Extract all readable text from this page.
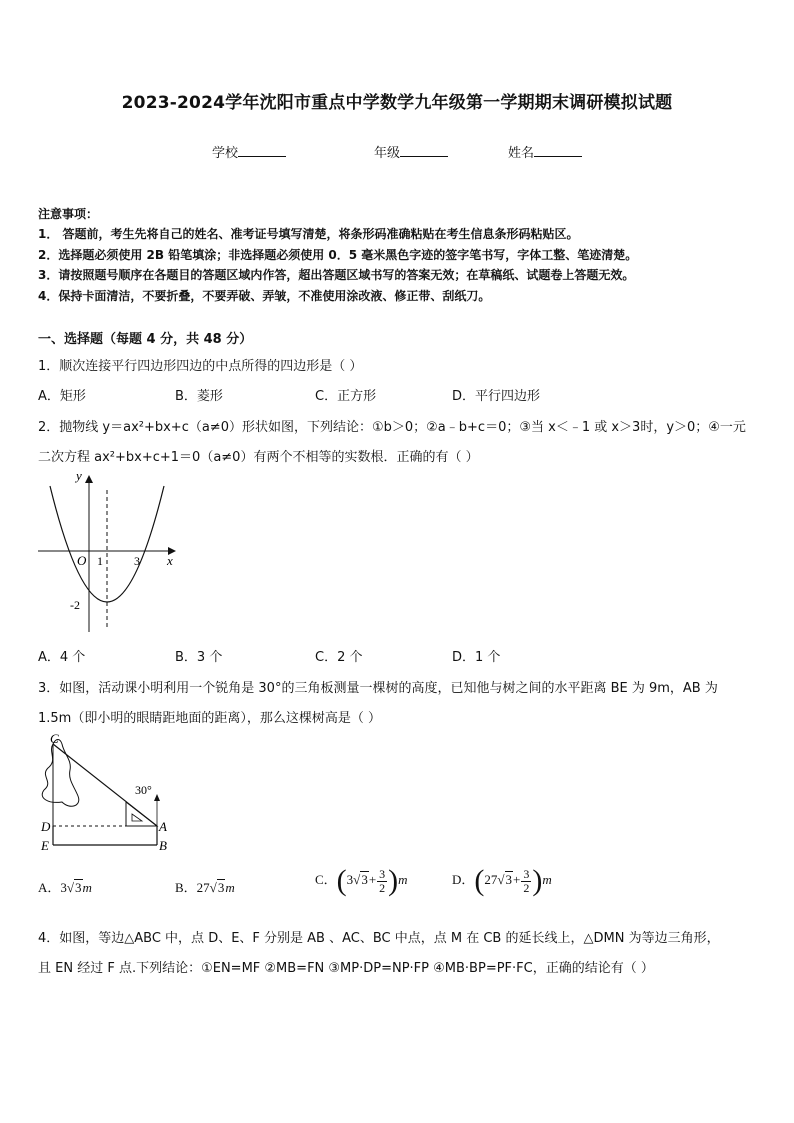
2023-2024学年沈阳市重点中学数学九年级第一学期期末调研模拟试题
学校	年级	姓名
注意事项：
1． 答题前，考生先将自己的姓名、准考证号填写清楚，将条形码准确粘贴在考生信息条形码粘贴区。
2．选择题必须使用 2B 铅笔填涂；非选择题必须使用 0．5 毫米黑色字迹的签字笔书写，字体工整、笔迹清楚。
3．请按照题号顺序在各题目的答题区域内作答，超出答题区域书写的答案无效；在草稿纸、试题卷上答题无效。
4．保持卡面清洁，不要折叠，不要弄破、弄皱，不准使用涂改液、修正带、刮纸刀。
一、选择题（每题 4 分，共 48 分）
1．顺次连接平行四边形四边的中点所得的四边形是（ ）
A．矩形	B．菱形	C．正方形	D．平行四边形
2．抛物线 y＝ax²+bx+c（a≠0）形状如图，下列结论：①b＞0；②a﹣b+c＝0；③当 x＜﹣1 或 x＞3时，y＞0；④一元
二次方程 ax²+bx+c+1＝0（a≠0）有两个不相等的实数根．正确的有（ ）
y
x
O 1	3
-2
A．4 个	B．3 个	C．2 个	D．1 个
3．如图，活动课小明利用一个锐角是 30°的三角板测量一棵树的高度，已知他与树之间的水平距离 BE 为 9m，AB 为
1.5m（即小明的眼睛距地面的距离），那么这棵树高是（ ）
30°
C
D
E
A
B
A．3√3m	B．27√3m
C．$(3√3+ \frac{3}{2} )m$	D．$(27√3+ \frac{3}{2} )m$
4．如图，等边△ABC 中，点 D、E、F 分别是 AB 、AC、BC 中点，点 M 在 CB 的延长线上，△DMN 为等边三角形，
且 EN 经过 F 点.下列结论：①EN=MF ②MB=FN ③MP·DP=NP·FP ④MB·BP=PF·FC，正确的结论有（ ）
